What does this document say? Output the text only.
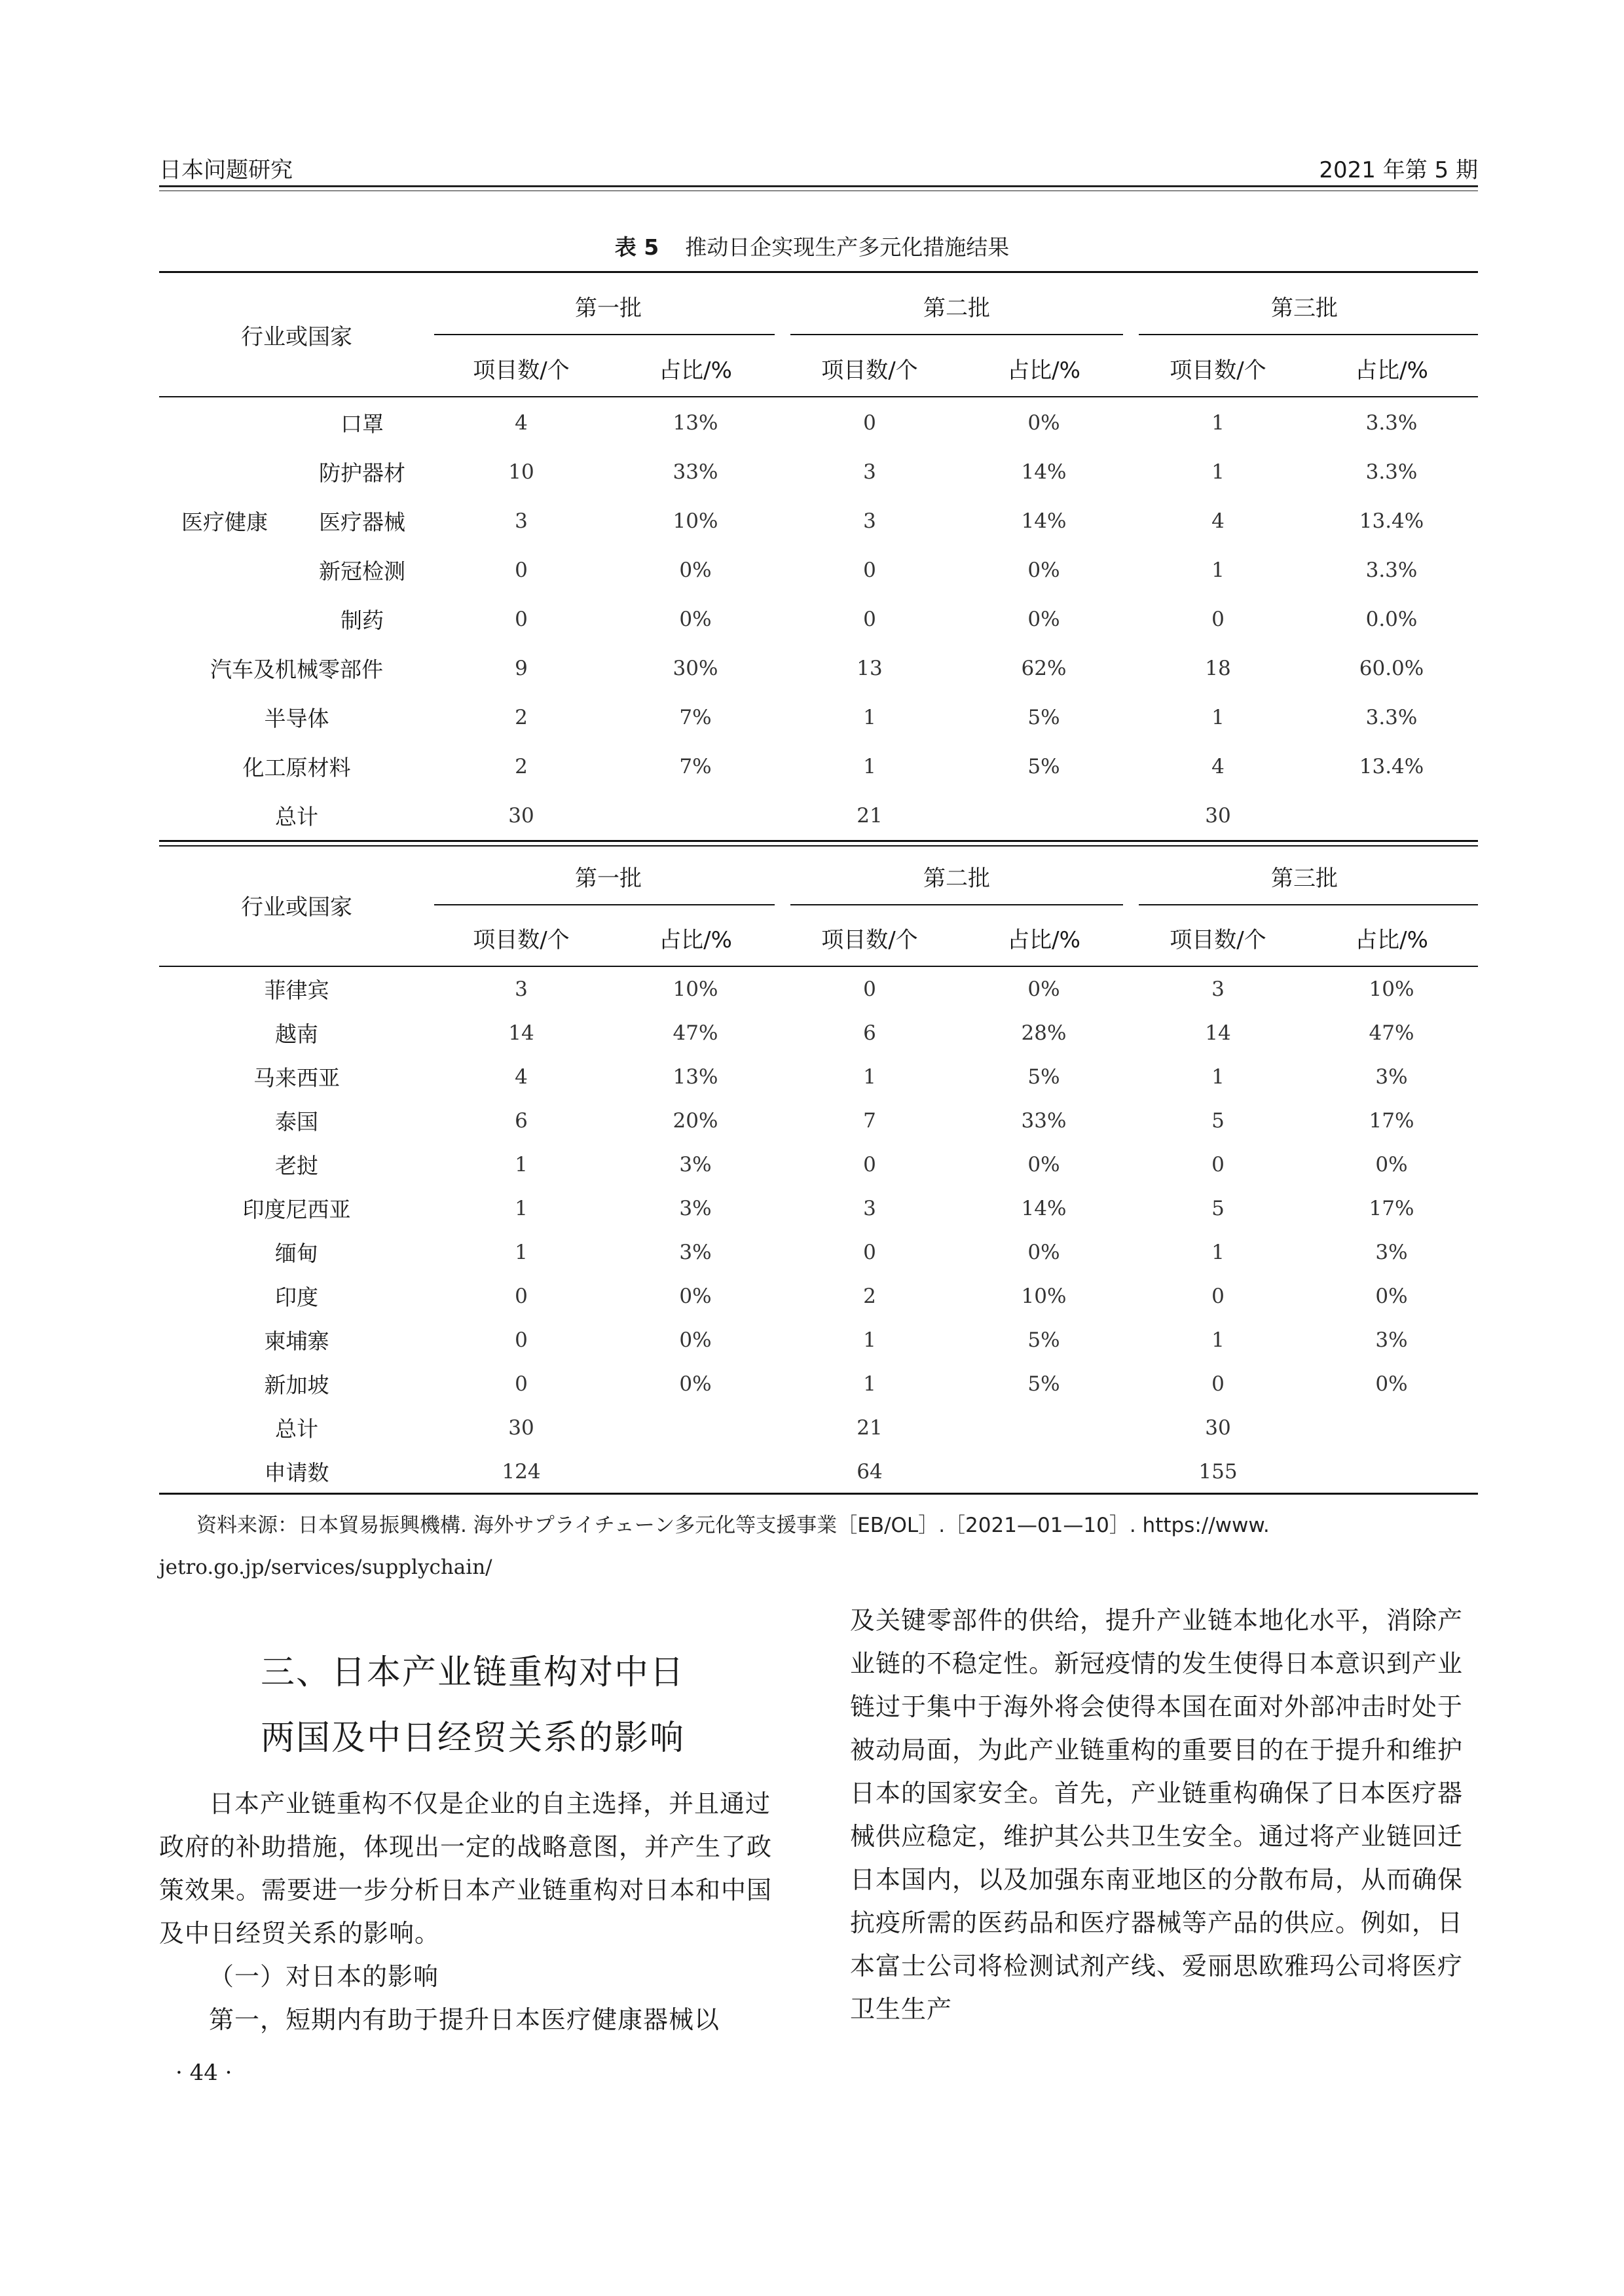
日本问题研究	2021 年第 5 期
表 5 推动日企实现生产多元化措施结果
行业或国家
第一批	第二批	第三批
项目数/个	占比/%	项目数/个	占比/%	项目数/个	占比/%
医疗健康	口罩	4	13%	0	0%	1	3.3%
	防护器材	10	33%	3	14%	1	3.3%
	医疗器械	3	10%	3	14%	4	13.4%
	新冠检测	0	0%	0	0%	1	3.3%
	制药	0	0%	0	0%	0	0.0%
汽车及机械零部件		9	30%	13	62%	18	60.0%
半导体		2	7%	1	5%	1	3.3%
化工原材料		2	7%	1	5%	4	13.4%
总计		30		21		30	
行业或国家
第一批	第二批	第三批
项目数/个	占比/%	项目数/个	占比/%	项目数/个	占比/%
菲律宾	3	10%	0	0%	3	10%
越南	14	47%	6	28%	14	47%
马来西亚	4	13%	1	5%	1	3%
泰国	6	20%	7	33%	5	17%
老挝	1	3%	0	0%	0	0%
印度尼西亚	1	3%	3	14%	5	17%
缅甸	1	3%	0	0%	1	3%
印度	0	0%	2	10%	0	0%
柬埔寨	0	0%	1	5%	1	3%
新加坡	0	0%	1	5%	0	0%
总计	30		21		30	
申请数	124		64		155	
资料来源：日本貿易振興機構. 海外サプライチェーン多元化等支援事業［EB/OL］.［2021—01—10］. https://www.
jetro.go.jp/services/supplychain/
三、日本产业链重构对中日
两国及中日经贸关系的影响

日本产业链重构不仅是企业的自主选择，并且通过政府的补助措施，体现出一定的战略意图，并产生了政策效果。需要进一步分析日本产业链重构对日本和中国及中日经贸关系的影响。

（一）对日本的影响

第一，短期内有助于提升日本医疗健康器械以

及关键零部件的供给，提升产业链本地化水平，消除产业链的不稳定性。新冠疫情的发生使得日本意识到产业链过于集中于海外将会使得本国在面对外部冲击时处于被动局面，为此产业链重构的重要目的在于提升和维护日本的国家安全。首先，产业链重构确保了日本医疗器械供应稳定，维护其公共卫生安全。通过将产业链回迁日本国内，以及加强东南亚地区的分散布局，从而确保抗疫所需的医药品和医疗器械等产品的供应。例如，日本富士公司将检测试剂产线、爱丽思欧雅玛公司将医疗卫生生产

· 44 ·
